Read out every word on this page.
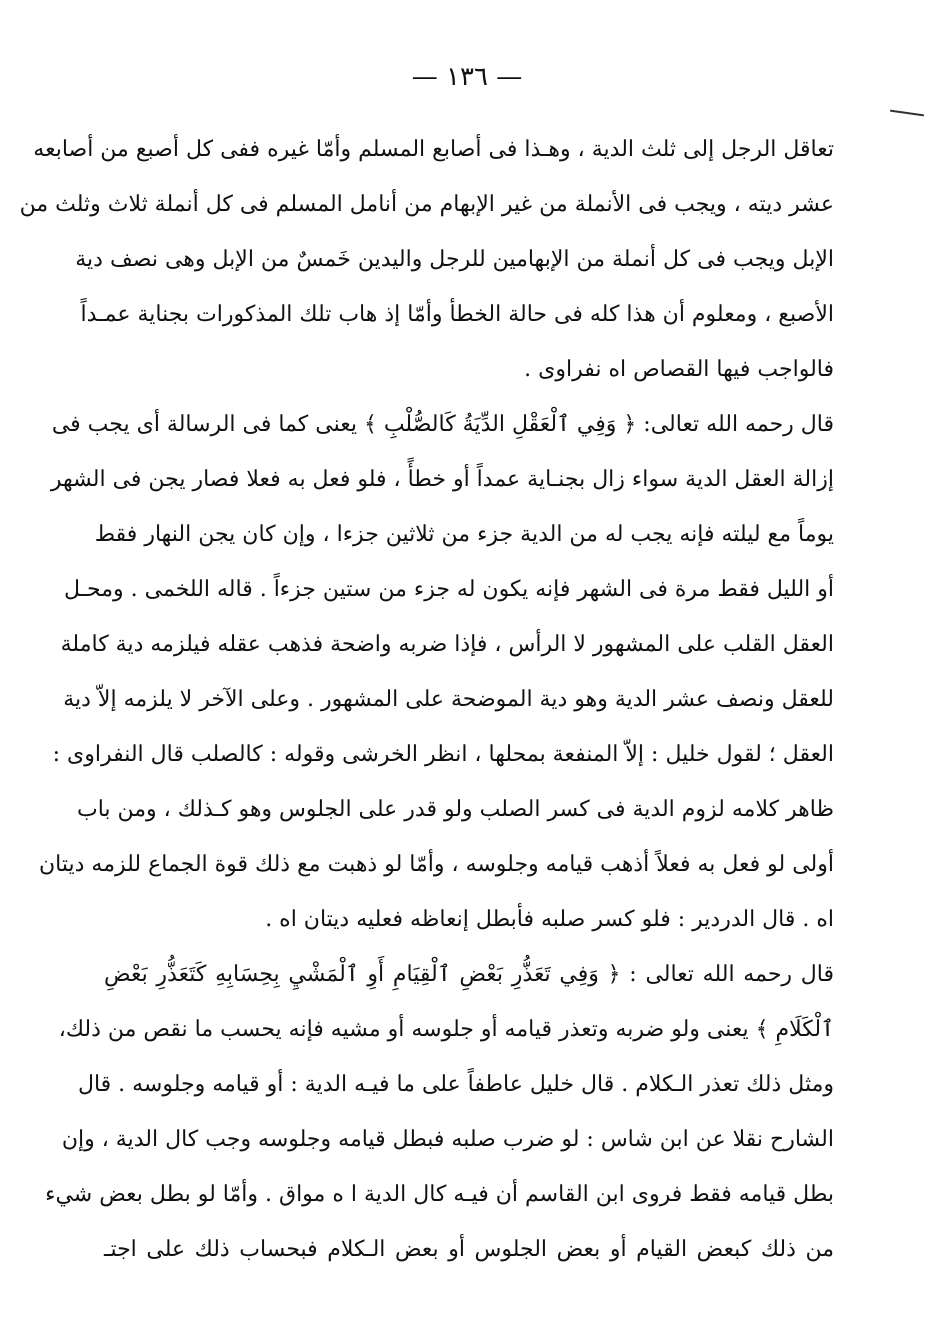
— ١٣٦ —
تعاقل الرجل إلى ثلث الدية ، وهـذا فى أصابع المسلم وأمّا غيره ففى كل أصبع من أصابعه
عشر ديته ، ويجب فى الأنملة من غير الإبهام من أنامل المسلم فى كل أنملة ثلاث وثلث من
الإبل ويجب فى كل أنملة من الإبهامين للرجل واليدين خَمسٌ من الإبل وهى نصف دية
الأصبع ، ومعلوم أن هذا كله فى حالة الخطأ وأمّا إذ هاب تلك المذكورات بجناية عمـداً
فالواجب فيها القصاص اه نفراوى .
قال رحمه الله تعالى: ﴿ وَفِي ٱلْعَقْلِ الدِّيَةُ كَالصُّلْبِ ﴾ يعنى كما فى الرسالة أى يجب فى
إزالة العقل الدية سواء زال بجنـاية عمداً أو خطأً ، فلو فعل به فعلا فصار يجن فى الشهر
يوماً مع ليلته فإنه يجب له من الدية جزء من ثلاثين جزءا ، وإن كان يجن النهار فقط
أو الليل فقط مرة فى الشهر فإنه يكون له جزء من ستين جزءاً . قاله اللخمى . ومحـل
العقل القلب على المشهور لا الرأس ، فإذا ضربه واضحة فذهب عقله فيلزمه دية كاملة
للعقل ونصف عشر الدية وهو دية الموضحة على المشهور . وعلى الآخر لا يلزمه إلاّ دية
العقل ؛ لقول خليل : إلاّ المنفعة بمحلها ، انظر الخرشى وقوله : كالصلب قال النفراوى :
ظاهر كلامه لزوم الدية فى كسر الصلب ولو قدر على الجلوس وهو كـذلك ، ومن باب
أولى لو فعل به فعلاً أذهب قيامه وجلوسه ، وأمّا لو ذهبت مع ذلك قوة الجماع للزمه ديتان
اه . قال الدردير : فلو كسر صلبه فأبطل إنعاظه فعليه ديتان اه .
قال رحمه الله تعالى : ﴿ وَفِي تَعَذُّرِ بَعْضِ ٱلْقِيَامِ أَوِ ٱلْمَشْيِ بِحِسَابِهِ كَتَعَذُّرِ بَعْضِ
ٱلْكَلَامِ ﴾ يعنى ولو ضربه وتعذر قيامه أو جلوسه أو مشيه فإنه يحسب ما نقص من ذلك،
ومثل ذلك تعذر الـكلام . قال خليل عاطفاً على ما فيـه الدية : أو قيامه وجلوسه . قال
الشارح نقلا عن ابن شاس : لو ضرب صلبه فبطل قيامه وجلوسه وجب كال الدية ، وإن
بطل قيامه فقط فروى ابن القاسم أن فيـه كال الدية ا ه مواق . وأمّا لو بطل بعض شيء
من ذلك كبعض القيام أو بعض الجلوس أو بعض الـكلام فبحساب ذلك على اجتـ
